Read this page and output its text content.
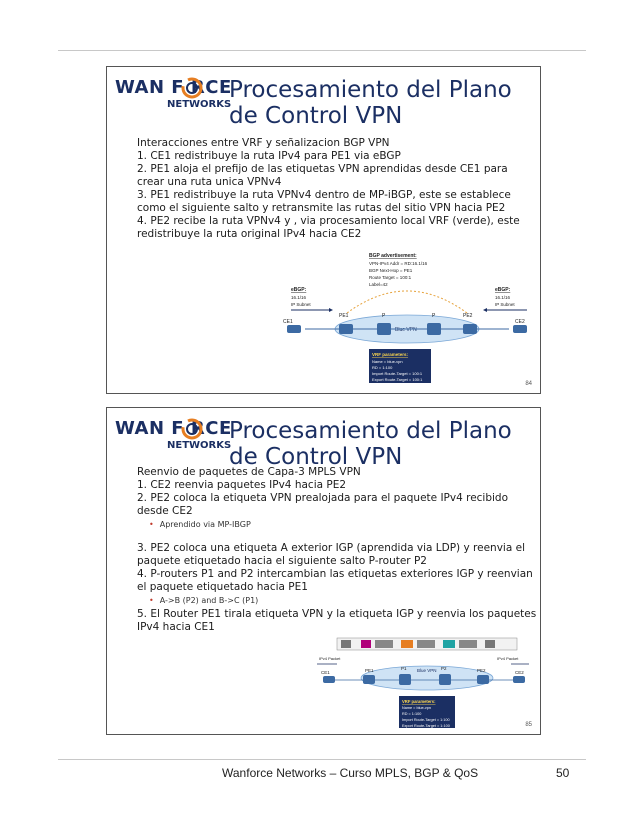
WAN F RCE
NETWORKS
Procesamiento del Plano
de Control VPN

Interacciones entre VRF y señalizacion BGP VPN

1. CE1 redistribuye la ruta IPv4 para PE1 via eBGP

2. PE1 aloja el prefijo de las etiquetas VPN aprendidas desde CE1 para crear una ruta unica VPNv4

3. PE1 redistribuye la ruta VPNv4 dentro de MP-iBGP, este se establece como el siguiente salto y retransmite las rutas del sitio VPN hacia PE2

4. PE2 recibe la ruta VPNv4 y , via procesamiento local VRF (verde), este redistribuye la ruta original IPv4 hacia CE2

BGP advertisement:
VPN-IPv4 Addr = RD:16.1/16
BGP Next-Hop = PE1
Route Target = 100:1
Label=42
eBGP:
16.1/16
IP Subnet
eBGP:
16.1/16
IP Subnet
Blue VPN
CE1
PE1	P	P	PE2
CE2
VRF parameters:
Name = blue-vpn
RD = 1:100
Import Route-Target = 100:1
Export Route-Target = 100:1
84
WAN F RCE
NETWORKS
Procesamiento del Plano
de Control VPN

Reenvio de paquetes de Capa-3 MPLS VPN

1. CE2 reenvia paquetes IPv4 hacia PE2

2. PE2 coloca la etiqueta VPN prealojada para el paquete IPv4 recibido desde CE2

• Aprendido via MP-IBGP

3. PE2 coloca una etiqueta A exterior IGP (aprendida via LDP) y reenvia el paquete etiquetado hacia el siguiente salto P-router P2

4. P-routers P1 and P2 intercambian las etiquetas exteriores IGP y reenvian el paquete etiquetado hacia PE1

• A->B (P2) and B->C (P1)

5. El Router PE1 tirala etiqueta VPN y la etiqueta IGP y reenvia los paquetes IPv4 hacia CE1

IPv4 Packet	IPv4 Packet
Blue VPN
CE1	PE1	P1	P2	PE2	CE2
VRF parameters:
Name = blue-vpn
RD = 1:100
Import Route-Target = 1:100
Export Route-Target = 1:100	85
Wanforce Networks – Curso MPLS, BGP & QoS	50
